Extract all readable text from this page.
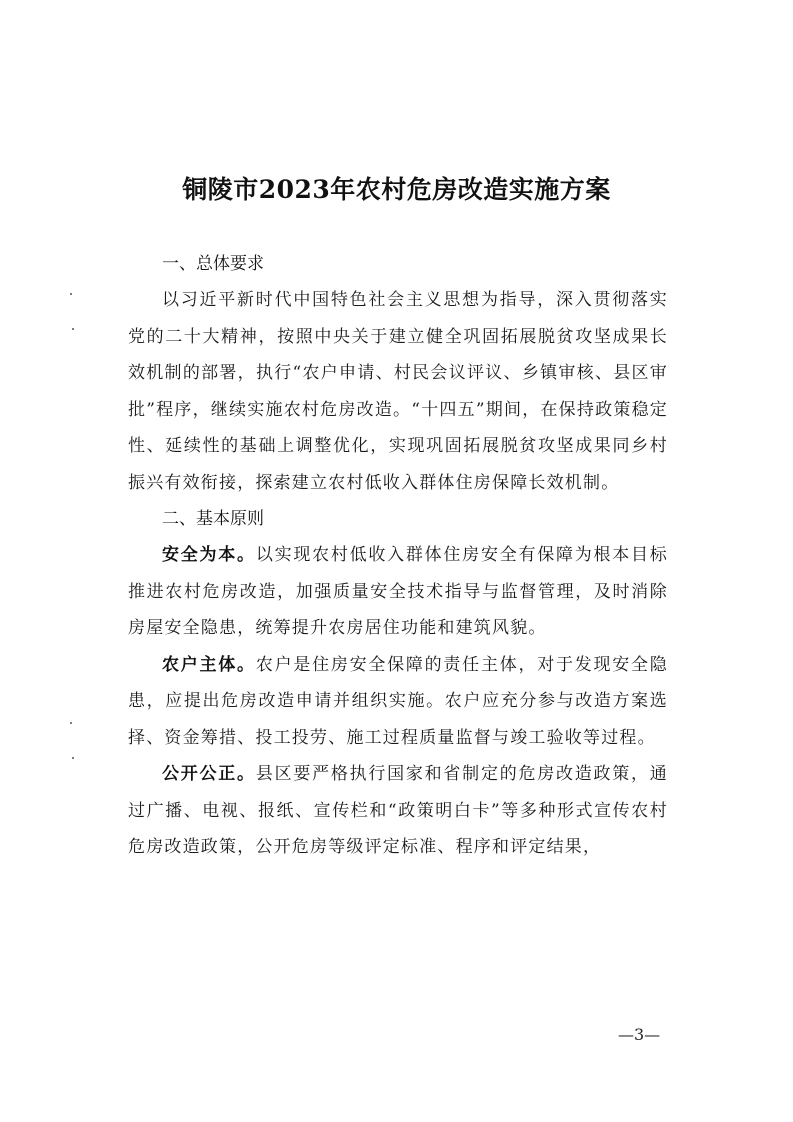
铜陵市2023年农村危房改造实施方案
一、总体要求

以习近平新时代中国特色社会主义思想为指导，深入贯彻落实党的二十大精神，按照中央关于建立健全巩固拓展脱贫攻坚成果长效机制的部署，执行“农户申请、村民会议评议、乡镇审核、县区审批”程序，继续实施农村危房改造。“十四五”期间，在保持政策稳定性、延续性的基础上调整优化，实现巩固拓展脱贫攻坚成果同乡村振兴有效衔接，探索建立农村低收入群体住房保障长效机制。

二、基本原则

安全为本。以实现农村低收入群体住房安全有保障为根本目标推进农村危房改造，加强质量安全技术指导与监督管理，及时消除房屋安全隐患，统筹提升农房居住功能和建筑风貌。

农户主体。农户是住房安全保障的责任主体，对于发现安全隐患，应提出危房改造申请并组织实施。农户应充分参与改造方案选择、资金筹措、投工投劳、施工过程质量监督与竣工验收等过程。

公开公正。县区要严格执行国家和省制定的危房改造政策，通过广播、电视、报纸、宣传栏和“政策明白卡”等多种形式宣传农村危房改造政策，公开危房等级评定标准、程序和评定结果，

—3—
